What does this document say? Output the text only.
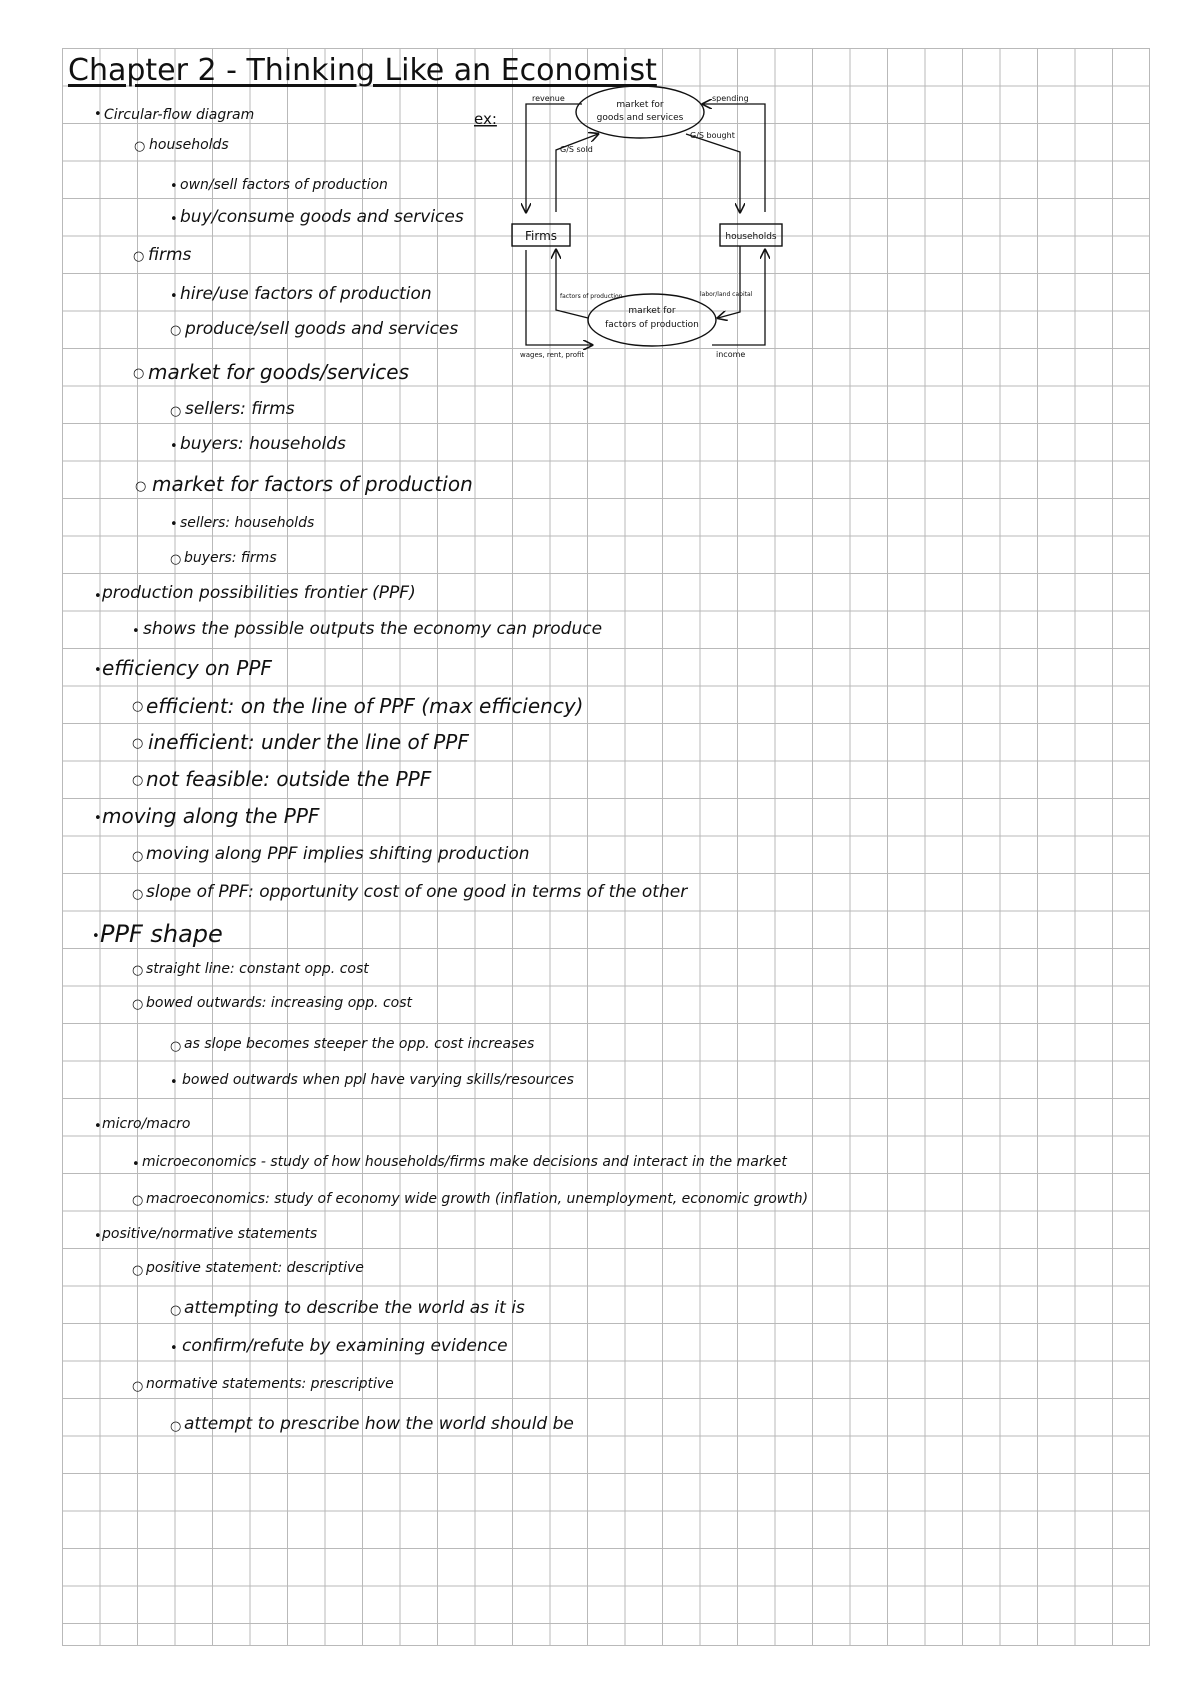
Chapter 2 - Thinking Like an Economist
• Circular-flow diagram
○ households
• own/sell factors of production
• buy/consume goods and services
○ firms
• hire/use factors of production
○ produce/sell goods and services
○ market for goods/services
○ sellers: firms
• buyers: households
○ market for factors of production
• sellers: households
○ buyers: firms
• production possibilities frontier (PPF)
• shows the possible outputs the economy can produce
• efficiency on PPF
○ efficient: on the line of PPF (max efficiency)
○ inefficient: under the line of PPF
○ not feasible: outside the PPF
• moving along the PPF
○ moving along PPF implies shifting production
○ slope of PPF: opportunity cost of one good in terms of the other
• PPF shape
○ straight line: constant opp. cost
○ bowed outwards: increasing opp. cost
○ as slope becomes steeper the opp. cost increases
• bowed outwards when ppl have varying skills/resources
• micro/macro
• microeconomics - study of how households/firms make decisions and interact in the market
○ macroeconomics: study of economy wide growth (inflation, unemployment, economic growth)
• positive/normative statements
○ positive statement: descriptive
○ attempting to describe the world as it is
• confirm/refute by examining evidence
○ normative statements: prescriptive
○ attempt to prescribe how the world should be
ex:
market for
goods and services
market for
factors of production
Firms	households
revenue	spending
G/S sold
G/S bought
factors of production	labor/land capital
wages, rent, profit	income
